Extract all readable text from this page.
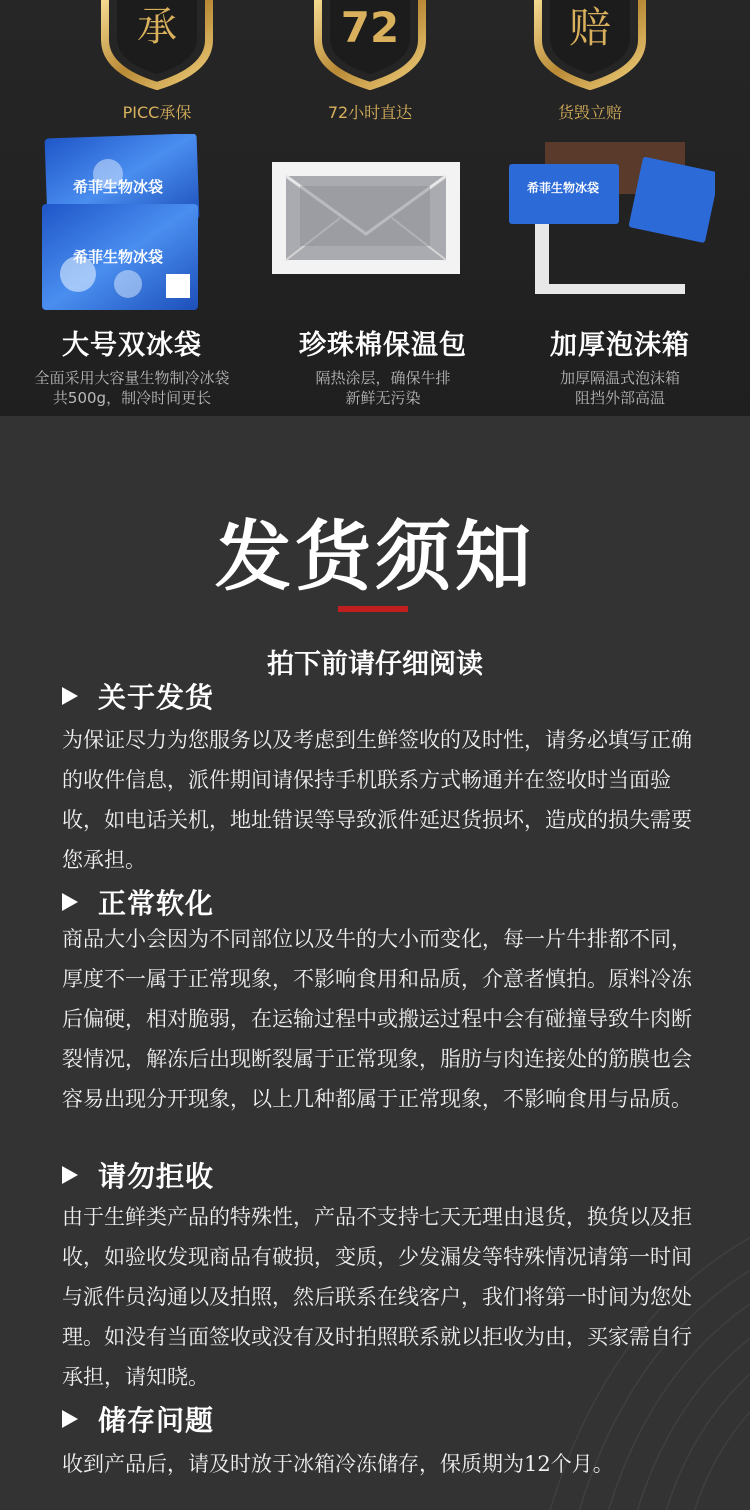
承
PICC承保
72
72小时直达
赔
货毁立赔
希菲生物冰袋
希菲生物冰袋
希菲生物冰袋
大号双冰袋
全面采用大容量生物制冷冰袋
共500g，制冷时间更长
珍珠棉保温包
隔热涂层，确保牛排
新鲜无污染
加厚泡沫箱
加厚隔温式泡沫箱
阻挡外部高温
发货须知
拍下前请仔细阅读
关于发货
为保证尽力为您服务以及考虑到生鲜签收的及时性，请务必填写正确的收件信息，派件期间请保持手机联系方式畅通并在签收时当面验收，如电话关机，地址错误等导致派件延迟货损坏，造成的损失需要您承担。
正常软化
商品大小会因为不同部位以及牛的大小而变化，每一片牛排都不同，厚度不一属于正常现象，不影响食用和品质，介意者慎拍。原料冷冻后偏硬，相对脆弱，在运输过程中或搬运过程中会有碰撞导致牛肉断裂情况，解冻后出现断裂属于正常现象，脂肪与肉连接处的筋膜也会容易出现分开现象，以上几种都属于正常现象，不影响食用与品质。
请勿拒收
由于生鲜类产品的特殊性，产品不支持七天无理由退货，换货以及拒收，如验收发现商品有破损，变质，少发漏发等特殊情况请第一时间与派件员沟通以及拍照，然后联系在线客户，我们将第一时间为您处理。如没有当面签收或没有及时拍照联系就以拒收为由，买家需自行承担，请知晓。
储存问题
收到产品后，请及时放于冰箱冷冻储存，保质期为12个月。
